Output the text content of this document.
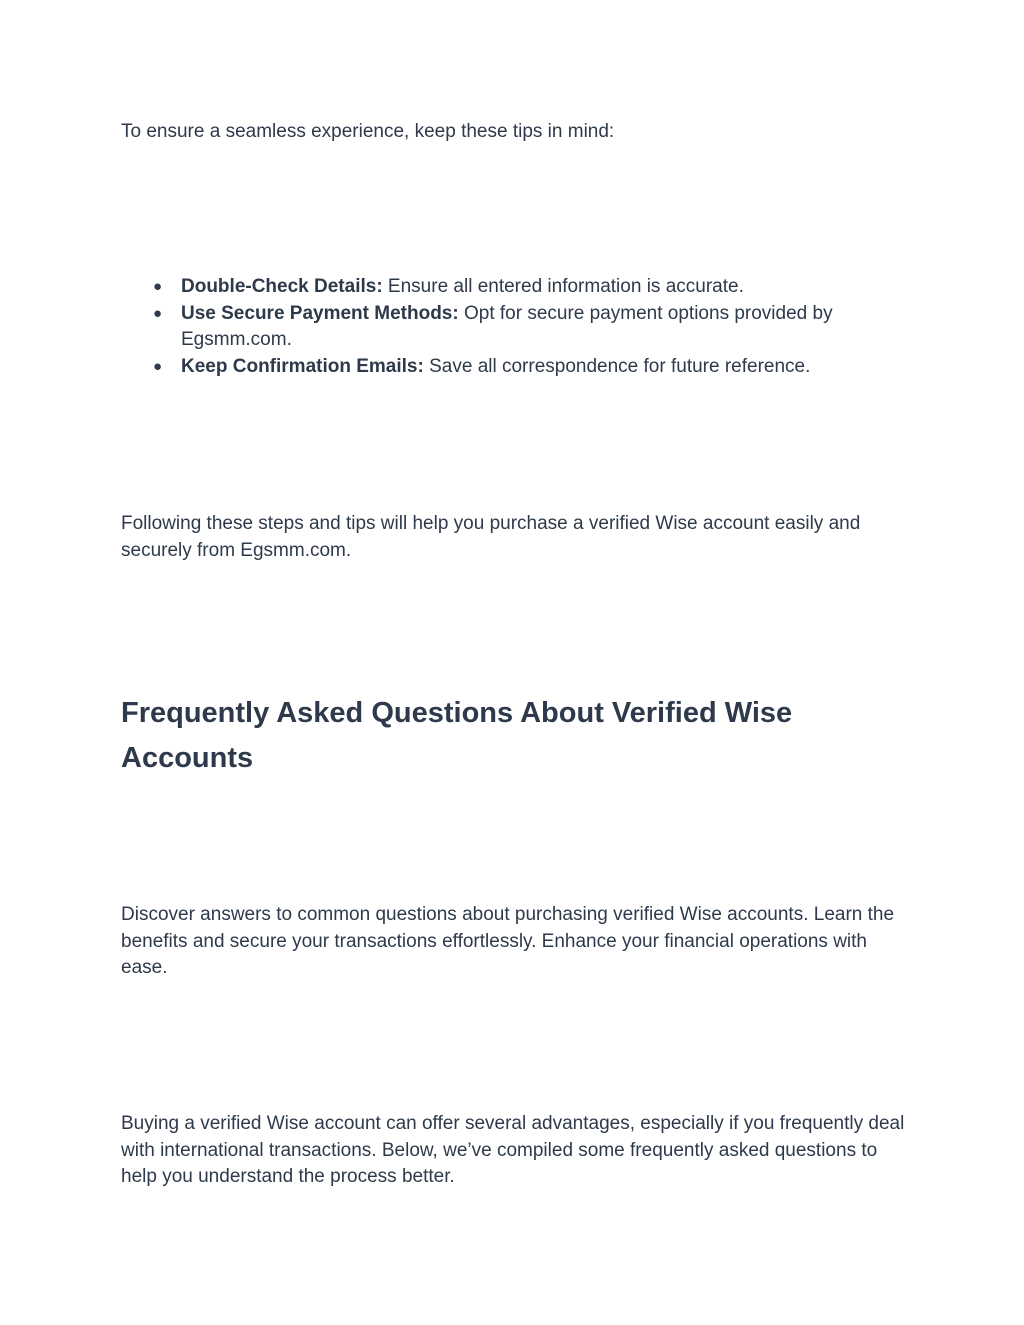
To ensure a seamless experience, keep these tips in mind:

● Double-Check Details: Ensure all entered information is accurate.
● Use Secure Payment Methods: Opt for secure payment options provided by Egsmm.com.
● Keep Confirmation Emails: Save all correspondence for future reference.

Following these steps and tips will help you purchase a verified Wise account easily and securely from Egsmm.com.

Frequently Asked Questions About Verified Wise Accounts

Discover answers to common questions about purchasing verified Wise accounts. Learn the benefits and secure your transactions effortlessly. Enhance your financial operations with ease.

Buying a verified Wise account can offer several advantages, especially if you frequently deal with international transactions. Below, we’ve compiled some frequently asked questions to help you understand the process better.
